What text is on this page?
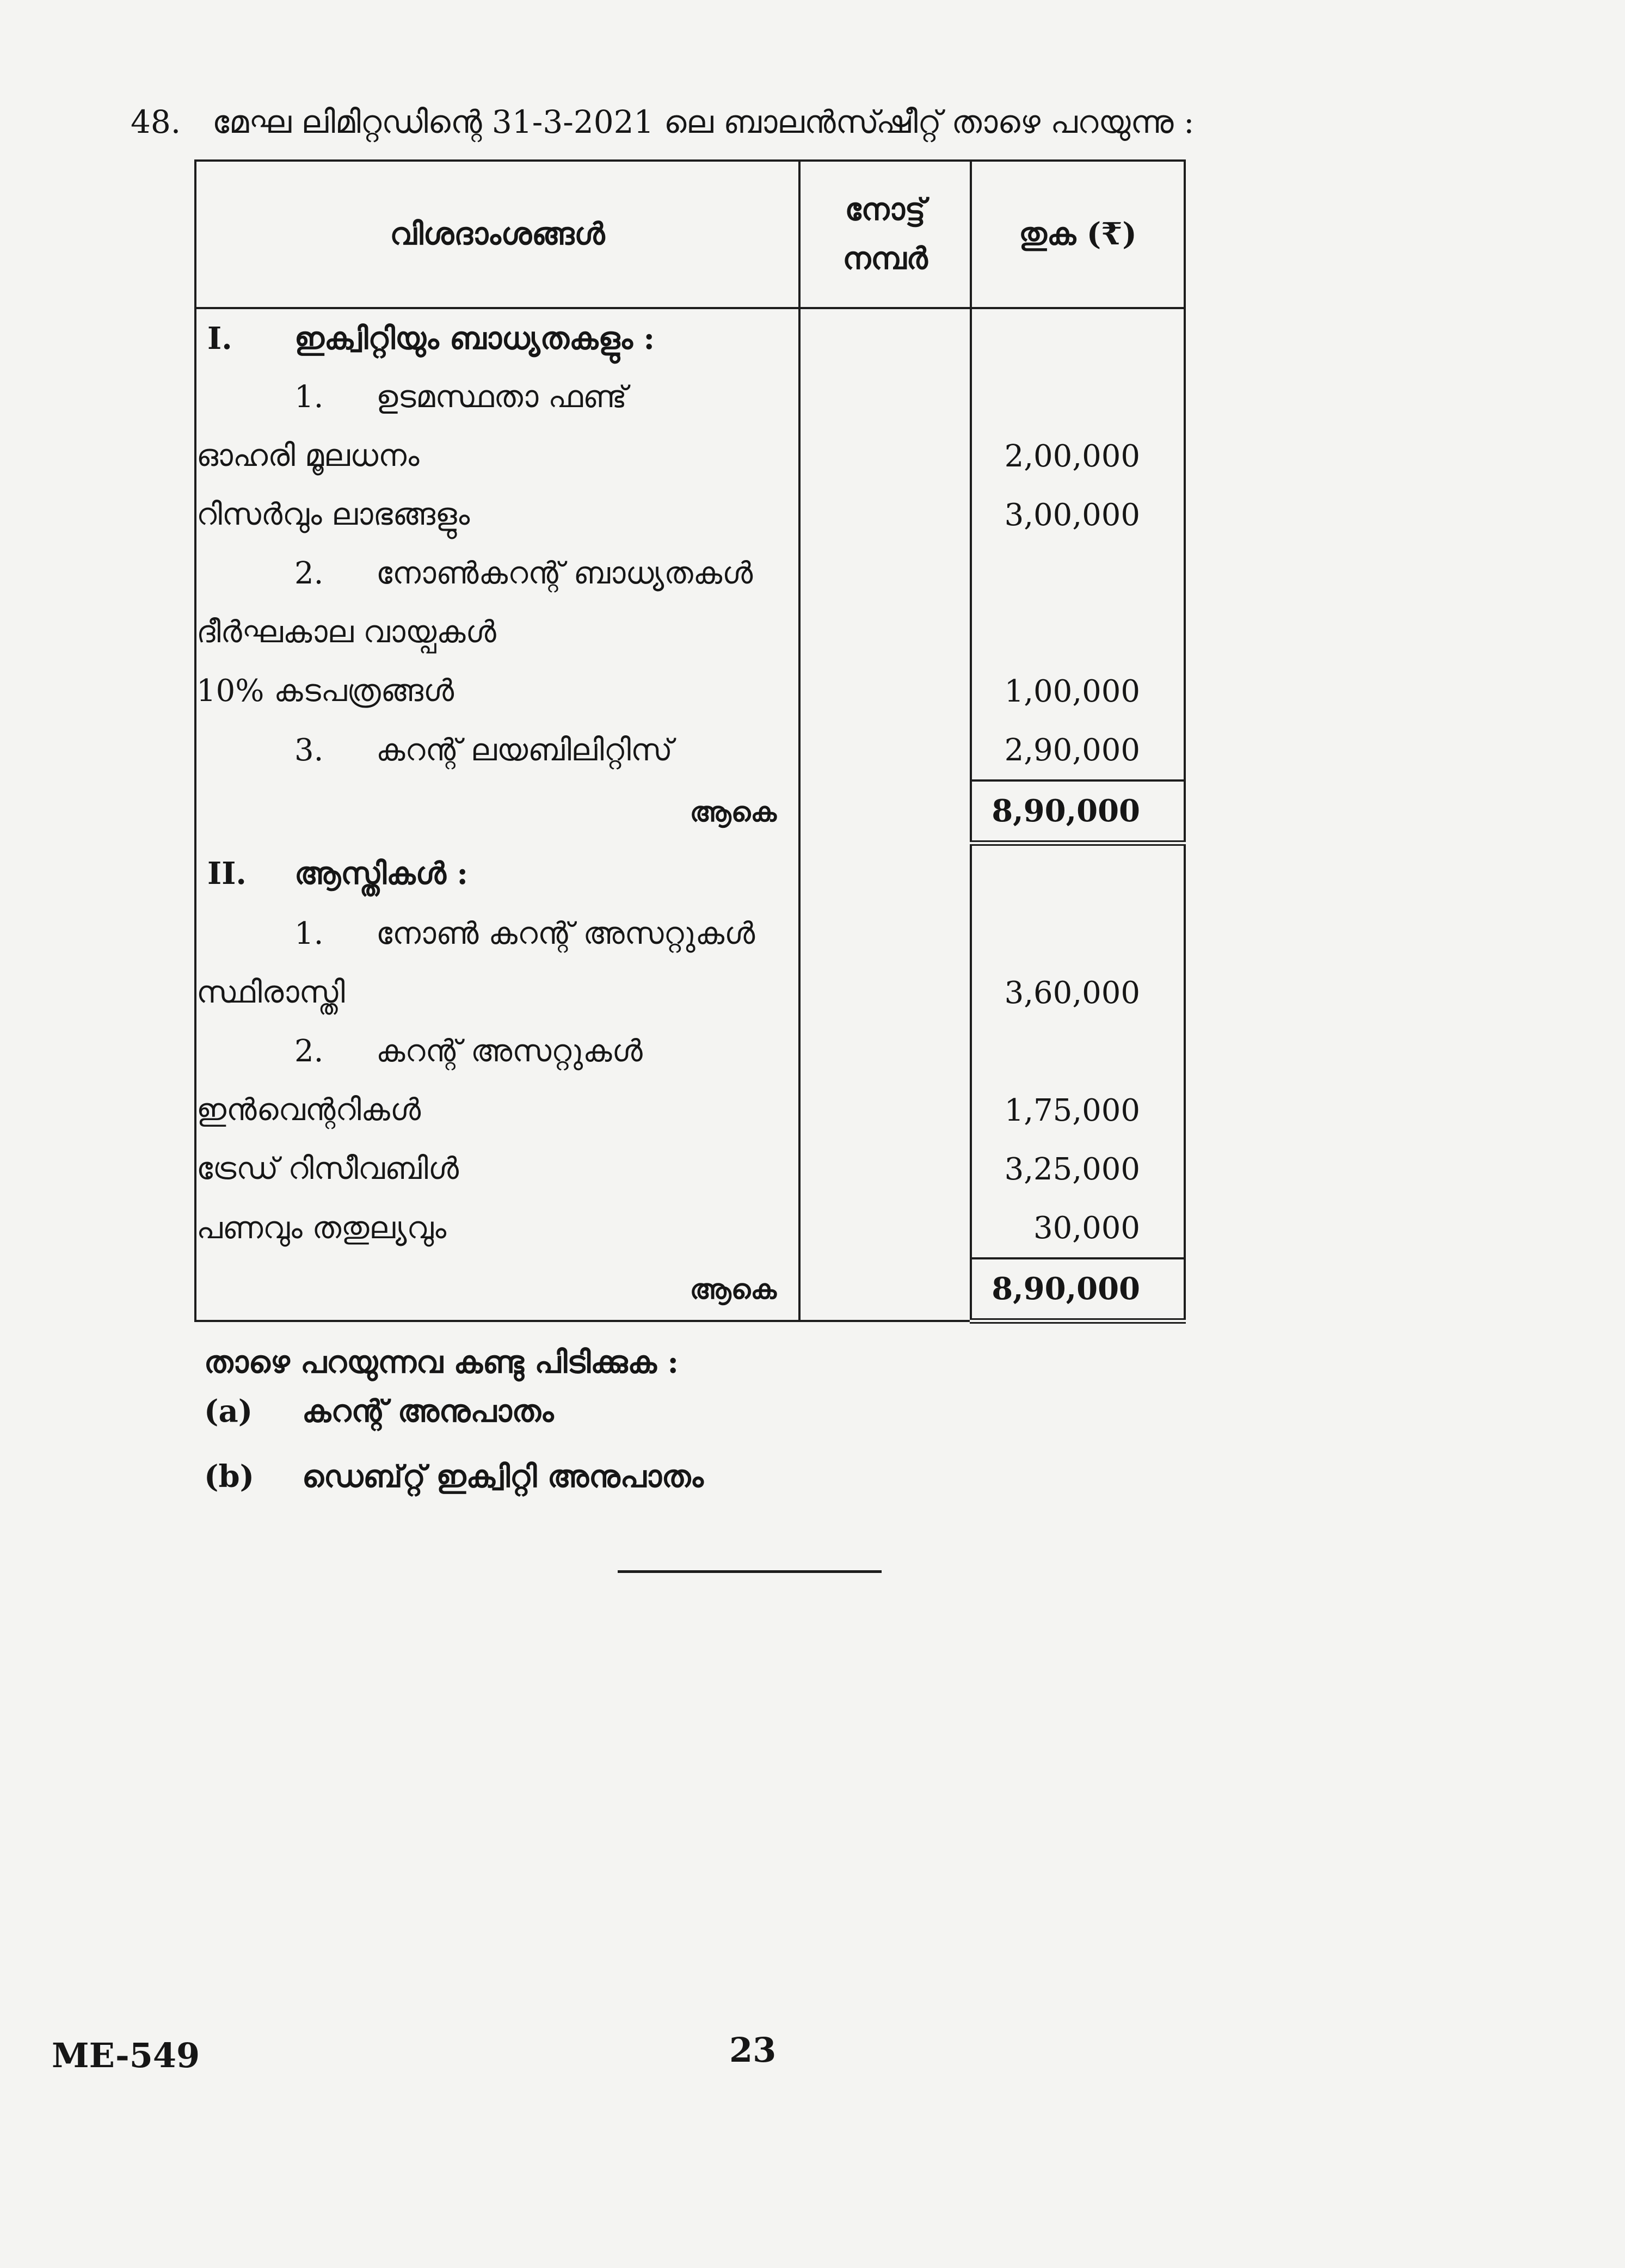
48. മേഘ ലിമിറ്റഡിന്റെ 31-3-2021 ലെ ബാലൻസ്ഷീറ്റ് താഴെ പറയുന്നു :
വിശദാംശങ്ങൾ	നോട്ട് നമ്പർ	തുക (₹)
I. ഇക്വിറ്റിയും ബാധ്യതകളും :		
1. ഉടമസ്ഥതാ ഫണ്ട്		
ഓഹരി മൂലധനം		2,00,000
റിസർവും ലാഭങ്ങളും		3,00,000
2. നോൺകറന്റ് ബാധ്യതകൾ		
ദീർഘകാല വായ്പകൾ		
10% കടപത്രങ്ങൾ		1,00,000
3. കറന്റ് ലയബിലിറ്റിസ്		2,90,000
ആകെ		8,90,000
II. ആസ്തികൾ :		
1. നോൺ കറന്റ് അസറ്റുകൾ		
സ്ഥിരാസ്തി		3,60,000
2. കറന്റ് അസറ്റുകൾ		
ഇൻവെന്ററികൾ		1,75,000
ട്രേഡ് റിസീവബിൾ		3,25,000
പണവും തതുല്യവും		30,000
ആകെ		8,90,000
താഴെ പറയുന്നവ കണ്ടു പിടിക്കുക :
(a) കറന്റ് അനുപാതം
(b) ഡെബ്റ്റ് ഇക്വിറ്റി അനുപാതം
ME-549	23
